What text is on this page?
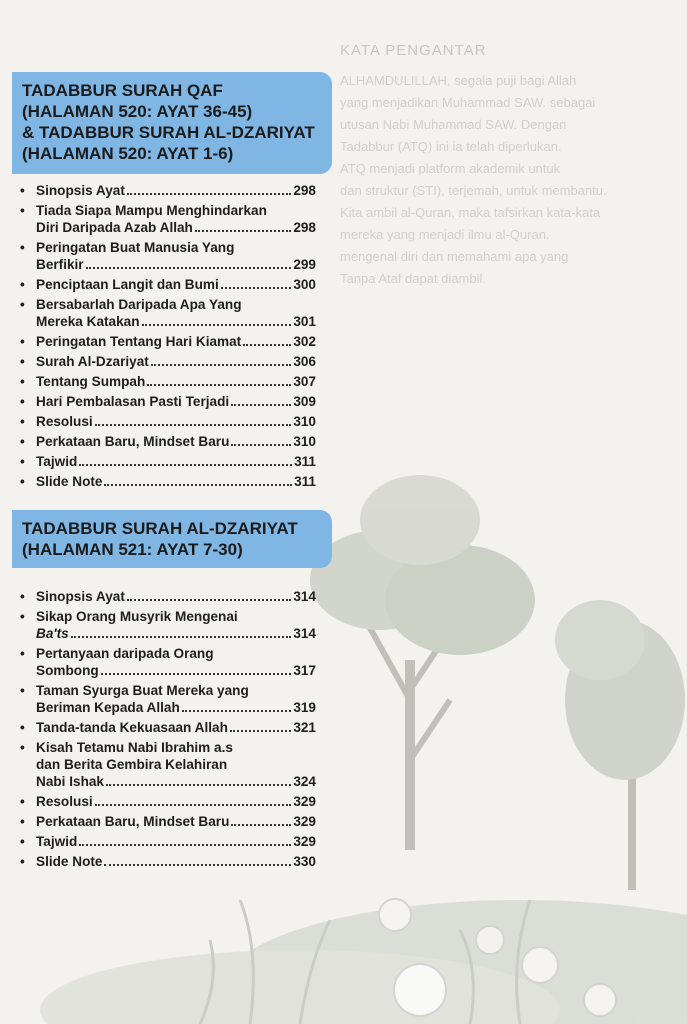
KATA PENGANTAR
ALHAMDULILLAH, segala puji bagi Allah
yang menjadikan Muhammad SAW. sebagai
utusan Nabi Muhammad SAW. Dengan
Tadabbur (ATQ) ini ia telah diperlukan.
ATQ menjadi platform akademik untuk
dan struktur (STI), terjemah, untuk membantu.
Kita ambil al-Quran, maka tafsirkan kata-kata
mereka yang menjadi ilmu al-Quran.
mengenal diri dan memahami apa yang
Tanpa Ataf dapat diambil.
TADABBUR SURAH QAF
(HALAMAN 520: AYAT 36-45)
& TADABBUR SURAH AL-DZARIYAT
(HALAMAN 520: AYAT 1-6)
• Sinopsis Ayat	298
• Tiada Siapa Mampu Menghindarkan
Diri Daripada Azab Allah	298
• Peringatan Buat Manusia Yang
Berfikir	299
• Penciptaan Langit dan Bumi	300
• Bersabarlah Daripada Apa Yang
Mereka Katakan	301
• Peringatan Tentang Hari Kiamat	302
• Surah Al-Dzariyat	306
• Tentang Sumpah	307
• Hari Pembalasan Pasti Terjadi	309
• Resolusi	310
• Perkataan Baru, Mindset Baru	310
• Tajwid	311
• Slide Note	311
TADABBUR SURAH AL-DZARIYAT
(HALAMAN 521: AYAT 7-30)
• Sinopsis Ayat	314
• Sikap Orang Musyrik Mengenai
Ba'ts	314
• Pertanyaan daripada Orang
Sombong	317
• Taman Syurga Buat Mereka yang
Beriman Kepada Allah	319
• Tanda-tanda Kekuasaan Allah	321
• Kisah Tetamu Nabi Ibrahim a.s
dan Berita Gembira Kelahiran
Nabi Ishak	324
• Resolusi	329
• Perkataan Baru, Mindset Baru	329
• Tajwid	329
• Slide Note	330
